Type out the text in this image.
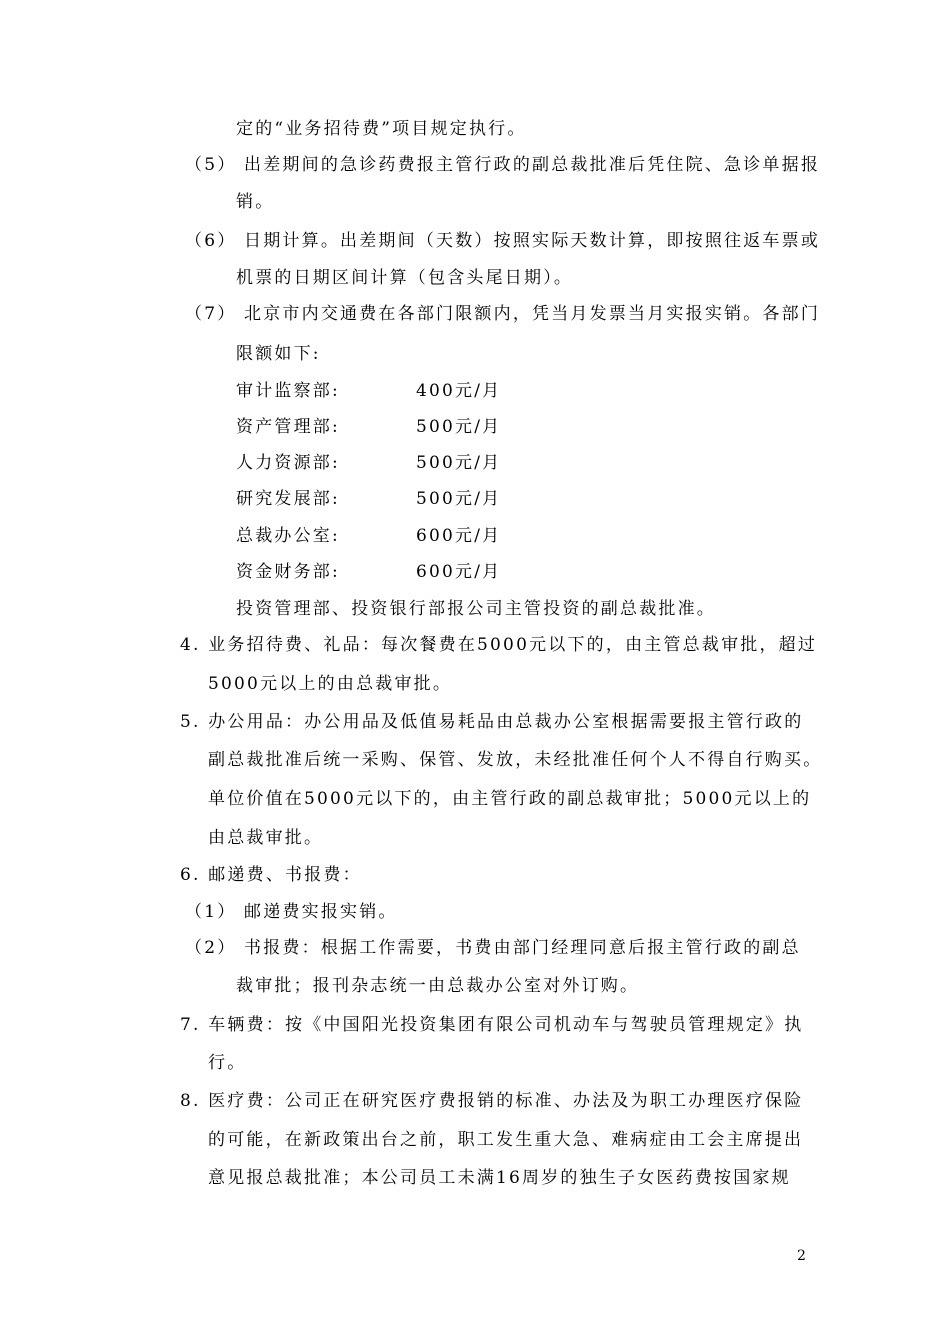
定的“业务招待费”项目规定执行。
（5） 出差期间的急诊药费报主管行政的副总裁批准后凭住院、急诊单据报
销。
（6） 日期计算。出差期间（天数）按照实际天数计算，即按照往返车票或
机票的日期区间计算（包含头尾日期）。
（7） 北京市内交通费在各部门限额内，凭当月发票当月实报实销。各部门
限额如下:
审计监察部:	400元/月
资产管理部:	500元/月
人力资源部:	500元/月
研究发展部:	500元/月
总裁办公室:	600元/月
资金财务部:	600元/月
投资管理部、投资银行部报公司主管投资的副总裁批准。
4. 业务招待费、礼品：每次餐费在5000元以下的，由主管总裁审批，超过
5000元以上的由总裁审批。
5. 办公用品：办公用品及低值易耗品由总裁办公室根据需要报主管行政的
副总裁批准后统一采购、保管、发放，未经批准任何个人不得自行购买。
单位价值在5000元以下的，由主管行政的副总裁审批；5000元以上的
由总裁审批。
6. 邮递费、书报费：
（1） 邮递费实报实销。
（2） 书报费：根据工作需要，书费由部门经理同意后报主管行政的副总
裁审批；报刊杂志统一由总裁办公室对外订购。
7. 车辆费：按《中国阳光投资集团有限公司机动车与驾驶员管理规定》执
行。
8. 医疗费：公司正在研究医疗费报销的标准、办法及为职工办理医疗保险
的可能，在新政策出台之前，职工发生重大急、难病症由工会主席提出
意见报总裁批准；本公司员工未满16周岁的独生子女医药费按国家规
2
